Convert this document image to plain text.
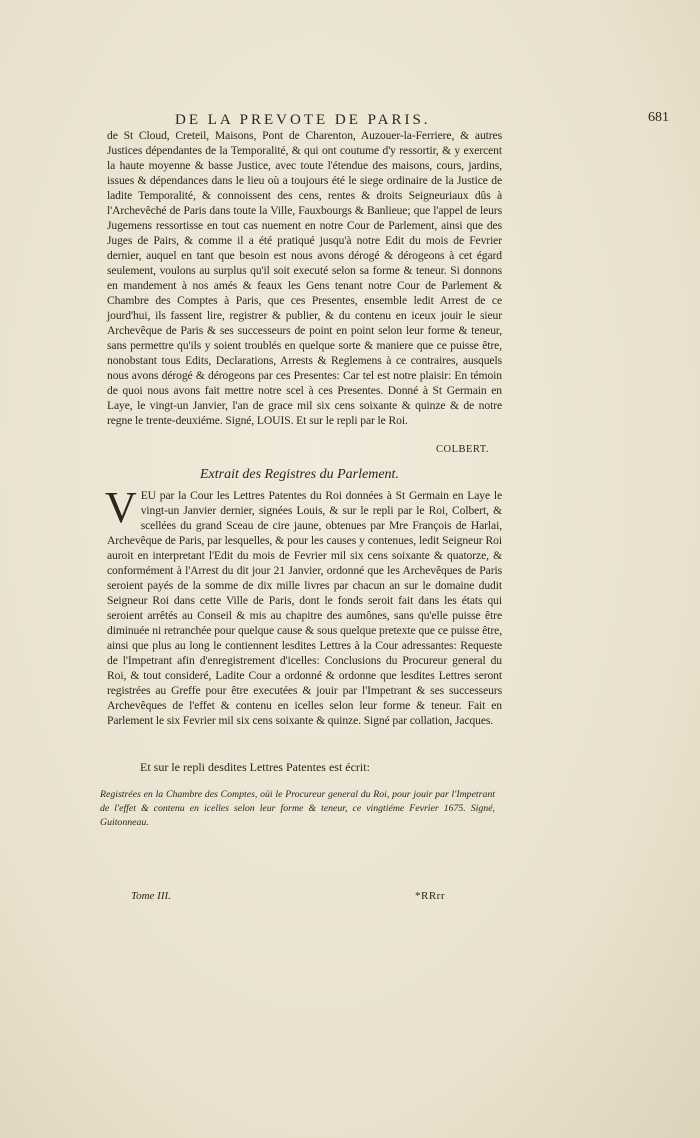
DE LA PREVOTE DE PARIS.	681
de St Cloud, Creteil, Maisons, Pont de Charenton, Auzouer-la-Ferriere, & autres Justices dépendantes de la Temporalité, & qui ont coutume d'y ressortir, & y exercent la haute moyenne & basse Justice, avec toute l'étendue des maisons, cours, jardins, issues & dépendances dans le lieu où a toujours été le siege ordinaire de la Justice de ladite Temporalité, & connoissent des cens, rentes & droits Seigneuriaux dûs à l'Archevêché de Paris dans toute la Ville, Fauxbourgs & Banlieue; que l'appel de leurs Jugemens ressortisse en tout cas nuement en notre Cour de Parlement, ainsi que des Juges de Pairs, & comme il a été pratiqué jusqu'à notre Edit du mois de Fevrier dernier, auquel en tant que besoin est nous avons dérogé & dérogeons à cet égard seulement, voulons au surplus qu'il soit executé selon sa forme & teneur. Si donnons en mandement à nos amés & feaux les Gens tenant notre Cour de Parlement & Chambre des Comptes à Paris, que ces Presentes, ensemble ledit Arrest de ce jourd'hui, ils fassent lire, registrer & publier, & du contenu en iceux jouir le sieur Archevêque de Paris & ses successeurs de point en point selon leur forme & teneur, sans permettre qu'ils y soient troublés en quelque sorte & maniere que ce puisse être, nonobstant tous Edits, Declarations, Arrests & Reglemens à ce contraires, ausquels nous avons dérogé & dérogeons par ces Presentes: Car tel est notre plaisir: En témoin de quoi nous avons fait mettre notre scel à ces Presentes. Donné à St Germain en Laye, le vingt-un Janvier, l'an de grace mil six cens soixante & quinze & de notre regne le trente-deuxiéme. Signé, LOUIS. Et sur le repli par le Roi.
COLBERT.
Extrait des Registres du Parlement.
VEU par la Cour les Lettres Patentes du Roi données à St Germain en Laye le vingt-un Janvier dernier, signées Louis, & sur le repli par le Roi, Colbert, & scellées du grand Sceau de cire jaune, obtenues par Mre François de Harlai, Archevêque de Paris, par lesquelles, & pour les causes y contenues, ledit Seigneur Roi auroit en interpretant l'Edit du mois de Fevrier mil six cens soixante & quatorze, & conformément à l'Arrest du dit jour 21 Janvier, ordonné que les Archevêques de Paris seroient payés de la somme de dix mille livres par chacun an sur le domaine dudit Seigneur Roi dans cette Ville de Paris, dont le fonds seroit fait dans les états qui seroient arrêtés au Conseil & mis au chapitre des aumônes, sans qu'elle puisse être diminuée ni retranchée pour quelque cause & sous quelque pretexte que ce puisse être, ainsi que plus au long le contiennent lesdites Lettres à la Cour adressantes: Requeste de l'Impetrant afin d'enregistrement d'icelles: Conclusions du Procureur general du Roi, & tout consideré, Ladite Cour a ordonné & ordonne que lesdites Lettres seront registrées au Greffe pour être executées & jouir par l'Impetrant & ses successeurs Archevêques de l'effet & contenu en icelles selon leur forme & teneur. Fait en Parlement le six Fevrier mil six cens soixante & quinze. Signé par collation, Jacques.
Et sur le repli desdites Lettres Patentes est écrit:
Registrées en la Chambre des Comptes, oüi le Procureur general du Roi, pour jouir par l'Impetrant de l'effet & contenu en icelles selon leur forme & teneur, ce vingtiéme Fevrier 1675. Signé, Guitonneau.
Tome III.	*RRrr
